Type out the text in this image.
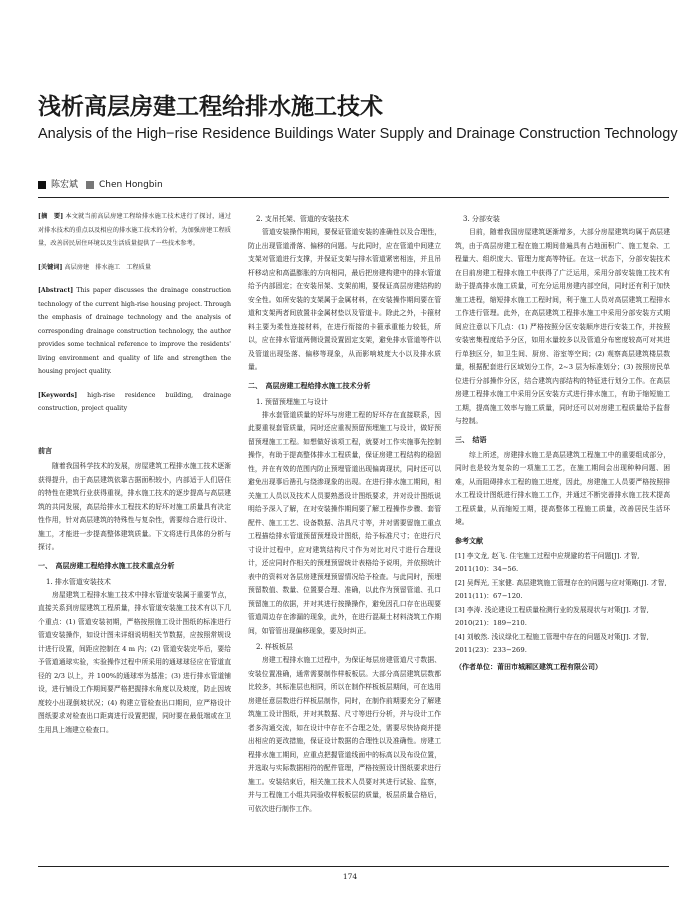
浅析高层房建工程给排水施工技术

Analysis of the High−rise Residence Buildings Water Supply and Drainage Construction Technology

陈宏斌 Chen Hongbin

[摘　要] 本文就当前高层房建工程给排水施工技术进行了探讨，通过对排水技术的重点以及相应的排水施工技术的分析，为加强房建工程质量，改善居民居住环境以及生活质量提供了一些技术参考。

[关键词] 高层房建　排水施工　工程质量

[Abstract] This paper discusses the drainage construction technology of the current high-rise housing project. Through the emphasis of drainage technology and the analysis of corresponding drainage construction technology, the author provides some technical reference to improve the residents' living environment and quality of life and strengthen the housing project quality.

[Keywords] high-rise residence building, drainage construction, project quality

前言

随着我国科学技术的发展，房屋建筑工程排水施工技术逐渐获得提升，由于高层建筑依靠古据面积较小，内部适于人们居住的特性在建筑行业获得重视，排水施工技术的逐步提高与高层建筑的共同发展，高层给排水工程技术的好坏对施工质量具有决定性作用，针对高层建筑的特殊性与复杂性，需要综合进行设计、施工，才能进一步提高整体建筑质量。下文将进行具体的分析与探讨。

一、　高层房建工程给排水施工技术重点分析
1. 排水管道安装技术

房屋建筑工程排水施工技术中排水管道安装属于重要节点，直接关系到房屋建筑工程质量，排水管道安装施工技术有以下几个重点：(1) 管道安装初期，严格按照施工设计图纸的标准进行管道安装操作，如设计图未详细说明相关节数据，应按照常规设计进行设置，间距应控制在 4 m 内；(2) 管道安装完毕后，要给予管道通球实验，实验操作过程中所采用的通球球径应在管道直径的 2/3 以上，并 100%的通球率为基准；(3) 进行排水管道铺设，进行铺设工作期间要严格把握排水角度以及坡度，防止因坡度较小出现倒坡状况；(4) 构建立管检查出口期间，应严格设计图纸要求对检查出口距离进行设置把握，同时要在最低端或在卫生用具上端建立检查口。

2. 支吊托架、管道的安装技术

管道安装操作期间，要保证管道安装的准确性以及合理性，防止出现管道滑落、偏移的问题。与此同时，应在管道中间建立支架对管道进行支撑，并保证支架与排水管道紧密相连，并且吊杆移动应和高温膨胀的方向相同，最后把房建构建中的排水管道给予内部固定；在安装吊架、支架前期，要保证高层房建结构的安全性。如所安装的支架属于金属材料，在安装操作期间要在管道和支架两者间放置非金属材垫以及管道卡。除此之外，卡箍材料主要为柔性连接材料，在进行衔接的卡箍承重能力较低，所以，应在排水管道两侧设置设置固定支架，避免排水管道等件以及管道出现坠落、偏移等现象，从而影响坡度大小以及排水质量。

二、　高层房建工程给排水施工技术分析
1. 预留预埋施工与设计

排水套管道质量的好坏与房建工程的好坏存在直接联系，因此要重视套管质量，同时还应重视预留预埋施工与设计，做好预留预埋施工工程。如想做好该项工程，就要对工作实施事先控制操作，有助于提高整体排水工程质量，保证房建工程结构的稳固性，并在有效的范围内防止预埋管道出现偏离现状，同时还可以避免出现事后凿孔与绕渗现象的出现。在进行排水施工期间，相关施工人员以及技术人员要熟悉设计图纸要求，并对设计图纸说明给予深入了解，在对安装操作期间要了解工程操作步骤、套管配件、施工工艺、设备数据、洁具尺寸等，并对需要留施工重点工程描绘排水管道预留预埋设计图纸，给予标准尺寸；在进行尺寸设计过程中，应对建筑结构尺寸作为对比对尺寸进行合理设计，还应同时作相关的预埋预留统计表格给予说明，并依照统计表中的资料对各层房建预埋预留情况给予检查。与此同时，预埋预留数值、数量、位置要合理、准确，以此作为预留管道、孔口预留施工的依据，并对其进行按操操作，避免因孔口存在出现要管道周边存在渗漏的现象，此外，在进行混凝土材料浇筑工作期间，如管管出现偏移现象，要及时纠正。

2. 样板板层

房建工程排水施工过程中，为保证每层房建管道尺寸数据、安装位置准确，通常需要制作样板板层。大部分高层建筑层数都比较多，其标准层也相同，所以在制作样板板层期间，可在选用房建任意层数进行样板层制作，同时，在制作前期要充分了解建筑施工设计图纸，并对其数据、尺寸等进行分析，并与设计工作者多沟通交流，如在设计中存在不合理之处，需要尽快协商并提出相应的更改措施，保证设计数据的合理性以及准确性。房建工程排水施工期间，应重点把握管道线面中的标高以及布设位置，并选取与实际数据相符的配件管理，严格按照设计图纸要求进行施工。安装结束后，相关施工技术人员要对其进行试验、监察，并与工程施工小组共同验收样板板层的质量，板层质量合格后，可依次进行制作工作。

3. 分部安装

目前，随着我国房屋建筑逐渐增多，大部分房屋建筑均属于高层建筑，由于高层房建工程在施工期间普遍具有占地面积广、施工复杂、工程量大、组织庞大、管理力度高等特征。在这一状态下，分部安装技术在目前房建工程排水施工中获得了广泛运用，采用分部安装施工技术有助于提高排水施工质量，可充分运用房建内部空间，同时还有利于加快施工进程，缩短排水施工工程时间，利于施工人员对高层建筑工程排水工作进行管理。此外，在高层建筑工程排水施工中采用分部安装方式期间应注意以下几点：(1) 严格按照分区安装顺序进行安装工作，并按照安装密集程度给予分区，如用水量较多以及管道分布密度较高可对其进行单独区分，如卫生间、厨房、浴室等空间；(2) 观察高层建筑楼层数量，根据配套进行区域划分工作，2~3 层为标准划分；(3) 按照房民单位进行分部操作分区，结合建筑内部结构的特征进行划分工作。在高层房建工程排水施工中采用分区安装方式进行排水施工，有助于缩短施工工期，提高施工效率与施工质量，同时还可以对房建工程质量给予监督与控制。

三、　结语

综上所述，房建排水施工是高层建筑工程施工中的重要组成部分，同时也是较为复杂的一项施工工艺，在施工期间会出现种种问题、困难，从而阻碍排水工程的施工进度，因此，房建施工人员要严格按照排水工程设计图纸进行排水施工工作，并通过不断完善排水施工技术提高工程质量，从而缩短工期，提高整体工程施工质量，改善居民生活环境。

参考文献

[1] 李文龙, 赵飞. 住宅施工过程中应规避的若干问题[J]. 才智, 2011(10)：34−56.

[2] 吴辉光, 王家健. 高层建筑施工管理存在的问题与应对策略[J]. 才智, 2011(11)：67−120.

[3] 李涛. 浅论建设工程质量检测行业的发展现状与对策[J]. 才智, 2010(21)：189−210.

[4] 刘敏然. 浅议绿化工程施工管理中存在的问题及对策[J]. 才智, 2011(23)：233−269.

（作者单位：莆田市城厢区建筑工程有限公司）
174
